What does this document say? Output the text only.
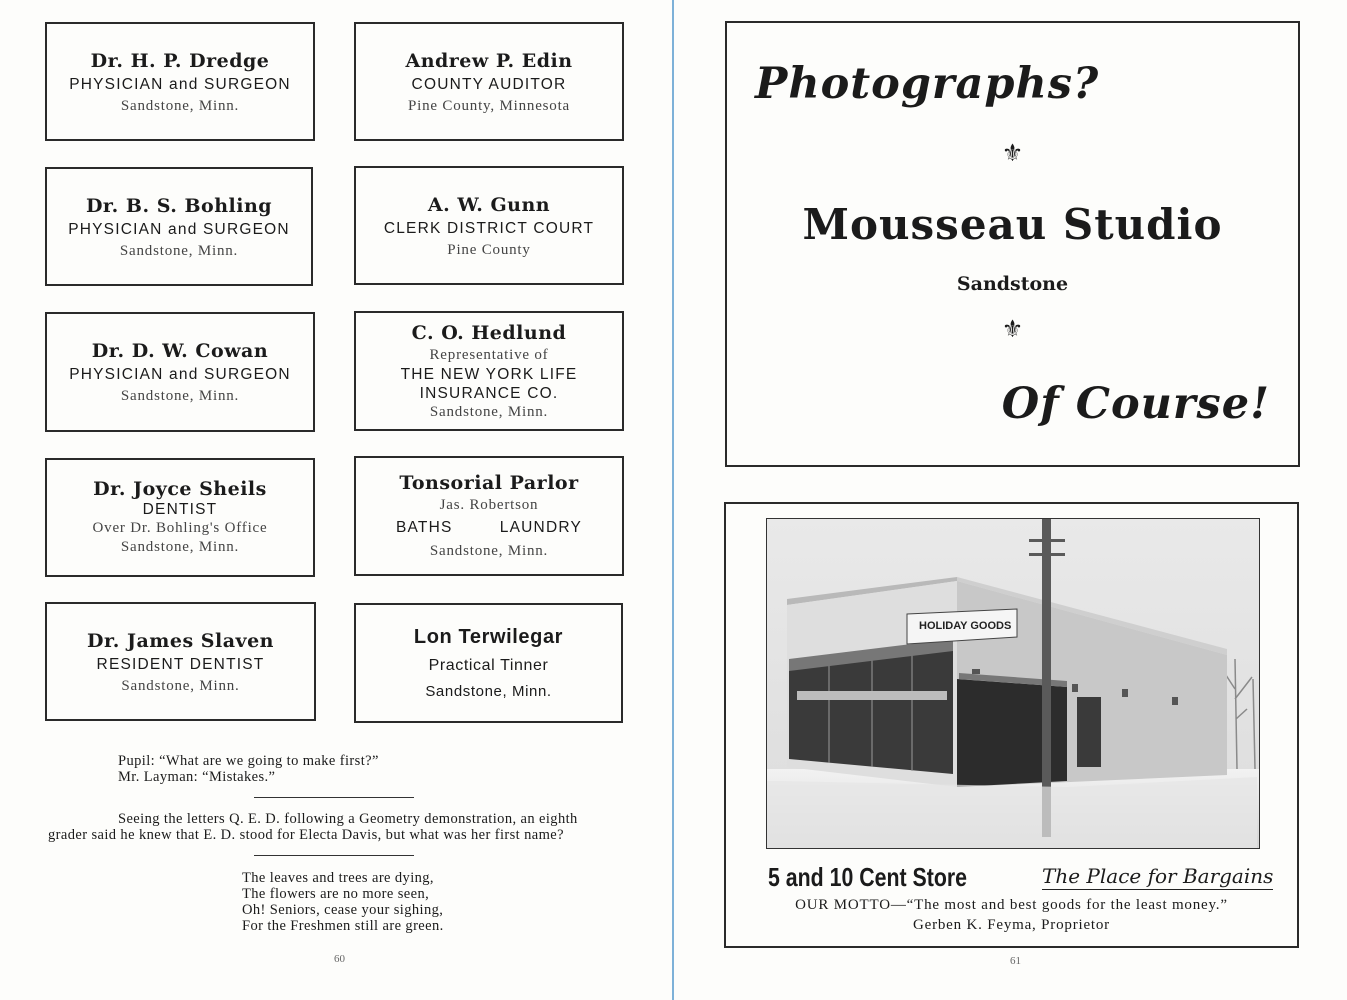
Dr. H. P. Dredge
PHYSICIAN and SURGEON
Sandstone, Minn.
Andrew P. Edin
COUNTY AUDITOR
Pine County, Minnesota
Dr. B. S. Bohling
PHYSICIAN and SURGEON
Sandstone, Minn.
A. W. Gunn
CLERK DISTRICT COURT
Pine County
Dr. D. W. Cowan
PHYSICIAN and SURGEON
Sandstone, Minn.
C. O. Hedlund
Representative of
THE NEW YORK LIFE
INSURANCE CO.
Sandstone, Minn.
Dr. Joyce Sheils
DENTIST
Over Dr. Bohling's Office
Sandstone, Minn.
Tonsorial Parlor
Jas. Robertson
BATHS	LAUNDRY
Sandstone, Minn.
Dr. James Slaven
RESIDENT DENTIST
Sandstone, Minn.
Lon Terwilegar
Practical Tinner
Sandstone, Minn.
Pupil: “What are we going to make first?”
Mr. Layman: “Mistakes.”
Seeing the letters Q. E. D. following a Geometry demonstration, an eighth
grader said he knew that E. D. stood for Electa Davis, but what was her first name?
The leaves and trees are dying,
The flowers are no more seen,
Oh! Seniors, cease your sighing,
For the Freshmen still are green.
60
Photographs?
⚜
Mousseau Studio
Sandstone
⚜
Of Course!
HOLIDAY GOODS
5 and 10 Cent Store	The Place for Bargains
OUR MOTTO—“The most and best goods for the least money.”
Gerben K. Feyma, Proprietor
61
